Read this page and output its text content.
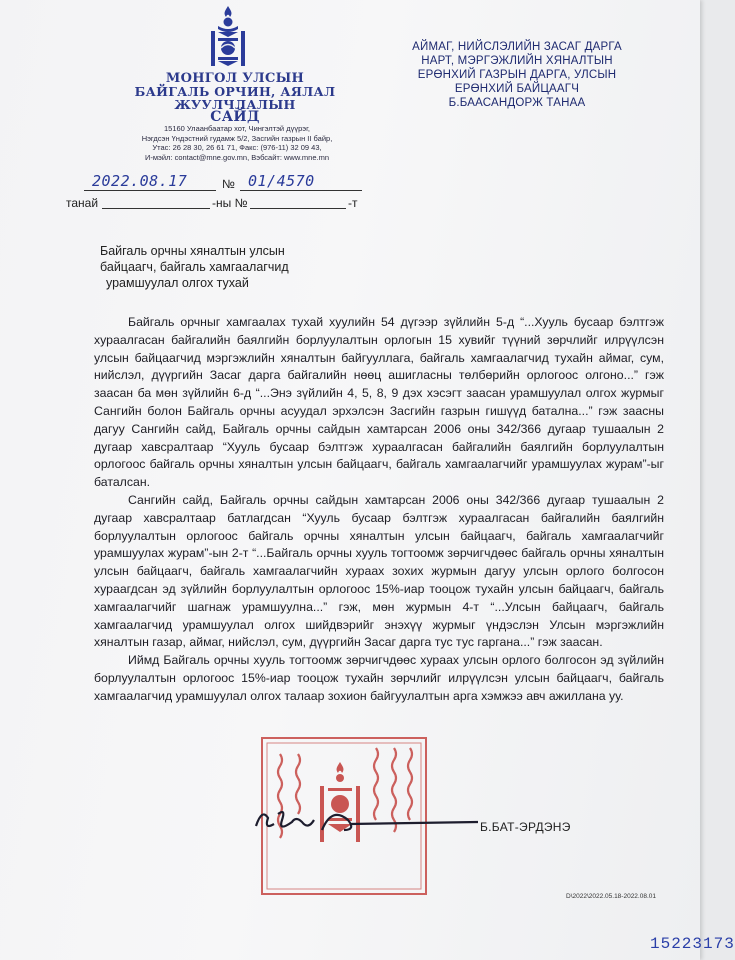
МОНГОЛ УЛСЫН
БАЙГАЛЬ ОРЧИН, АЯЛАЛ ЖУУЛЧЛАЛЫН
САЙД
15160 Улаанбаатар хот, Чингэлтэй дүүрэг,
Нэгдсэн Үндэстний гудамж 5/2, Засгийн газрын II байр,
Утас: 26 28 30, 26 61 71, Факс: (976-11) 32 09 43,
И-мэйл: contact@mne.gov.mn, Вэбсайт: www.mne.mn
АЙМАГ, НИЙСЛЭЛИЙН ЗАСАГ ДАРГА
НАРТ, МЭРГЭЖЛИЙН ХЯНАЛТЫН
ЕРӨНХИЙ ГАЗРЫН ДАРГА, УЛСЫН
ЕРӨНХИЙ БАЙЦААГЧ
Б.БААСАНДОРЖ ТАНАА
2022.08.17	№ 01/4570
танай	-ны №	-т
Байгаль орчны хяналтын улсын
байцаагч, байгаль хамгаалагчид
урамшуулал олгох тухай

Байгаль орчныг хамгаалах тухай хуулийн 54 дүгээр зүйлийн 5-д “...Хууль бусаар бэлтгэж хураалгасан байгалийн баялгийн борлуулалтын орлогын 15 хувийг түүний зөрчлийг илрүүлсэн улсын байцаагчид мэргэжлийн хяналтын байгууллага, байгаль хамгаалагчид тухайн аймаг, сум, нийслэл, дүүргийн Засаг дарга байгалийн нөөц ашигласны төлбөрийн орлогоос олгоно...” гэж заасан ба мөн зүйлийн 6-д “...Энэ зүйлийн 4, 5, 8, 9 дэх хэсэгт заасан урамшуулал олгох журмыг Сангийн болон Байгаль орчны асуудал эрхэлсэн Засгийн газрын гишүүд батална...” гэж заасны дагуу Сангийн сайд, Байгаль орчны сайдын хамтарсан 2006 оны 342/366 дугаар тушаалын 2 дугаар хавсралтаар “Хууль бусаар бэлтгэж хураалгасан байгалийн баялгийн борлуулалтын орлогоос байгаль орчны хяналтын улсын байцаагч, байгаль хамгаалагчийг урамшуулах журам”-ыг баталсан.

Сангийн сайд, Байгаль орчны сайдын хамтарсан 2006 оны 342/366 дугаар тушаалын 2 дугаар хавсралтаар батлагдсан “Хууль бусаар бэлтгэж хураалгасан байгалийн баялгийн борлуулалтын орлогоос байгаль орчны хяналтын улсын байцаагч, байгаль хамгаалагчийг урамшуулах журам”-ын 2-т “...Байгаль орчны хууль тогтоомж зөрчигчдөөс байгаль орчны хяналтын улсын байцаагч, байгаль хамгаалагчийн хураах зохих журмын дагуу улсын орлого болгосон хураагдсан эд зүйлийн борлуулалтын орлогоос 15%-иар тооцож тухайн улсын байцаагч, байгаль хамгаалагчийг шагнаж урамшуулна...” гэж, мөн журмын 4-т “...Улсын байцаагч, байгаль хамгаалагчид урамшуулал олгох шийдвэрийг энэхүү журмыг үндэслэн Улсын мэргэжлийн хяналтын газар, аймаг, нийслэл, сум, дүүргийн Засаг дарга тус тус гаргана...” гэж заасан.

Иймд Байгаль орчны хууль тогтоомж зөрчигчдөөс хураах улсын орлого болгосон эд зүйлийн борлуулалтын орлогоос 15%-иар тооцож тухайн зөрчлийг илрүүлсэн улсын байцаагч, байгаль хамгаалагчид урамшуулал олгох талаар зохион байгуулалтын арга хэмжээ авч ажиллана уу.

Б.БАТ-ЭРДЭНЭ
D\2022\2022.05.18-2022.08.01
15223173
